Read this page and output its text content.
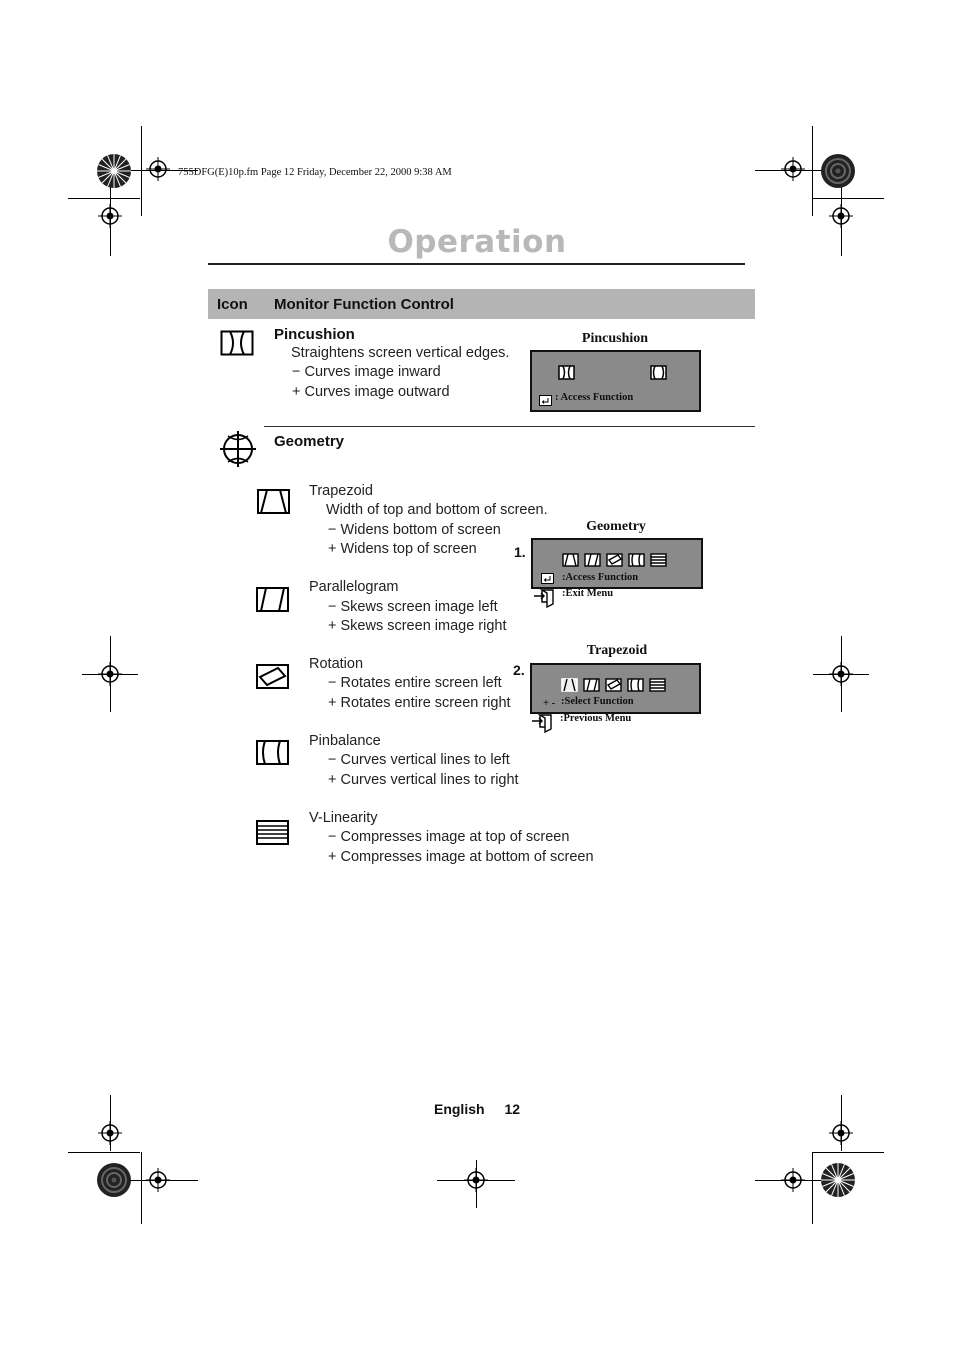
755DFG(E)10p.fm Page 12 Friday, December 22, 2000 9:38 AM
Operation
Icon Monitor Function Control
Pincushion
Straightens screen vertical edges.
− Curves image inward
+ Curves image outward
Pincushion
: Access Function
Geometry
Trapezoid
Width of top and bottom of screen.
− Widens bottom of screen
+ Widens top of screen
Parallelogram
− Skews screen image left
+ Skews screen image right
Rotation
− Rotates entire screen left
+ Rotates entire screen right
Pinbalance
− Curves vertical lines to left
+ Curves vertical lines to right
V-Linearity
− Compresses image at top of screen
+ Compresses image at bottom of screen
Geometry
1.
:Access Function
:Exit Menu
Trapezoid
2.
+ - :Select Function
:Previous Menu
English 12
